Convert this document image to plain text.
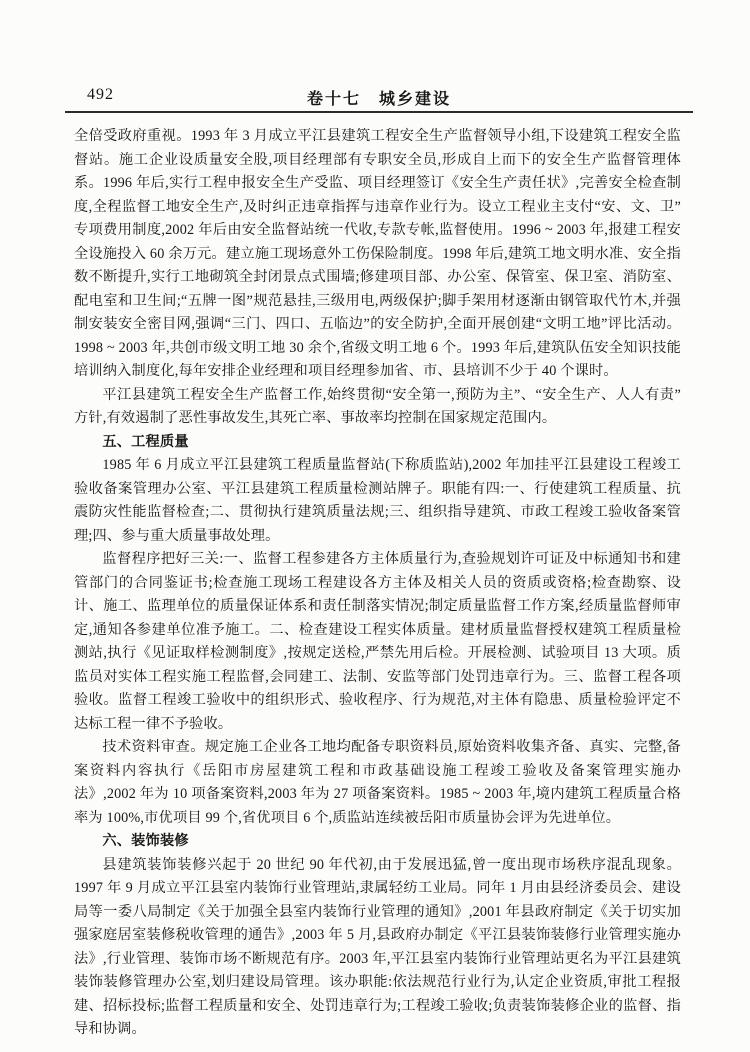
492	卷十七　城乡建设

全倍受政府重视。1993 年 3 月成立平江县建筑工程安全生产监督领导小组,下设建筑工程安全监督站。施工企业设质量安全股,项目经理部有专职安全员,形成自上而下的安全生产监督管理体系。1996 年后,实行工程申报安全生产受监、项目经理签订《安全生产责任状》,完善安全检查制度,全程监督工地安全生产,及时纠正违章指挥与违章作业行为。设立工程业主支付“安、文、卫”专项费用制度,2002 年后由安全监督站统一代收,专款专帐,监督使用。1996 ~ 2003 年,报建工程安全设施投入 60 余万元。建立施工现场意外工伤保险制度。1998 年后,建筑工地文明水准、安全指数不断提升,实行工地砌筑全封闭景点式围墙;修建项目部、办公室、保管室、保卫室、消防室、配电室和卫生间;“五牌一图”规范悬挂,三级用电,两级保护;脚手架用材逐渐由钢管取代竹木,并强制安装安全密目网,强调“三门、四口、五临边”的安全防护,全面开展创建“文明工地”评比活动。1998 ~ 2003 年,共创市级文明工地 30 余个,省级文明工地 6 个。1993 年后,建筑队伍安全知识技能培训纳入制度化,每年安排企业经理和项目经理参加省、市、县培训不少于 40 个课时。

平江县建筑工程安全生产监督工作,始终贯彻“安全第一,预防为主”、“安全生产、人人有责”方针,有效遏制了恶性事故发生,其死亡率、事故率均控制在国家规定范围内。

五、工程质量

1985 年 6 月成立平江县建筑工程质量监督站(下称质监站),2002 年加挂平江县建设工程竣工验收备案管理办公室、平江县建筑工程质量检测站牌子。职能有四:一、行使建筑工程质量、抗震防灾性能监督检查;二、贯彻执行建筑质量法规;三、组织指导建筑、市政工程竣工验收备案管理;四、参与重大质量事故处理。

监督程序把好三关:一、监督工程参建各方主体质量行为,查验规划许可证及中标通知书和建管部门的合同鉴证书;检查施工现场工程建设各方主体及相关人员的资质或资格;检查勘察、设计、施工、监理单位的质量保证体系和责任制落实情况;制定质量监督工作方案,经质量监督师审定,通知各参建单位准予施工。二、检查建设工程实体质量。建材质量监督授权建筑工程质量检测站,执行《见证取样检测制度》,按规定送检,严禁先用后检。开展检测、试验项目 13 大项。质监员对实体工程实施工程监督,会同建工、法制、安监等部门处罚违章行为。三、监督工程各项验收。监督工程竣工验收中的组织形式、验收程序、行为规范,对主体有隐患、质量检验评定不达标工程一律不予验收。

技术资料审查。规定施工企业各工地均配备专职资料员,原始资料收集齐备、真实、完整,备案资料内容执行《岳阳市房屋建筑工程和市政基础设施工程竣工验收及备案管理实施办法》,2002 年为 10 项备案资料,2003 年为 27 项备案资料。1985 ~ 2003 年,境内建筑工程质量合格率为 100%,市优项目 99 个,省优项目 6 个,质监站连续被岳阳市质量协会评为先进单位。

六、装饰装修

县建筑装饰装修兴起于 20 世纪 90 年代初,由于发展迅猛,曾一度出现市场秩序混乱现象。1997 年 9 月成立平江县室内装饰行业管理站,隶属轻纺工业局。同年 1 月由县经济委员会、建设局等一委八局制定《关于加强全县室内装饰行业管理的通知》,2001 年县政府制定《关于切实加强家庭居室装修税收管理的通告》,2003 年 5 月,县政府办制定《平江县装饰装修行业管理实施办法》,行业管理、装饰市场不断规范有序。2003 年,平江县室内装饰行业管理站更名为平江县建筑装饰装修管理办公室,划归建设局管理。该办职能:依法规范行业行为,认定企业资质,审批工程报建、招标投标;监督工程质量和安全、处罚违章行为;工程竣工验收;负责装饰装修企业的监督、指导和协调。
